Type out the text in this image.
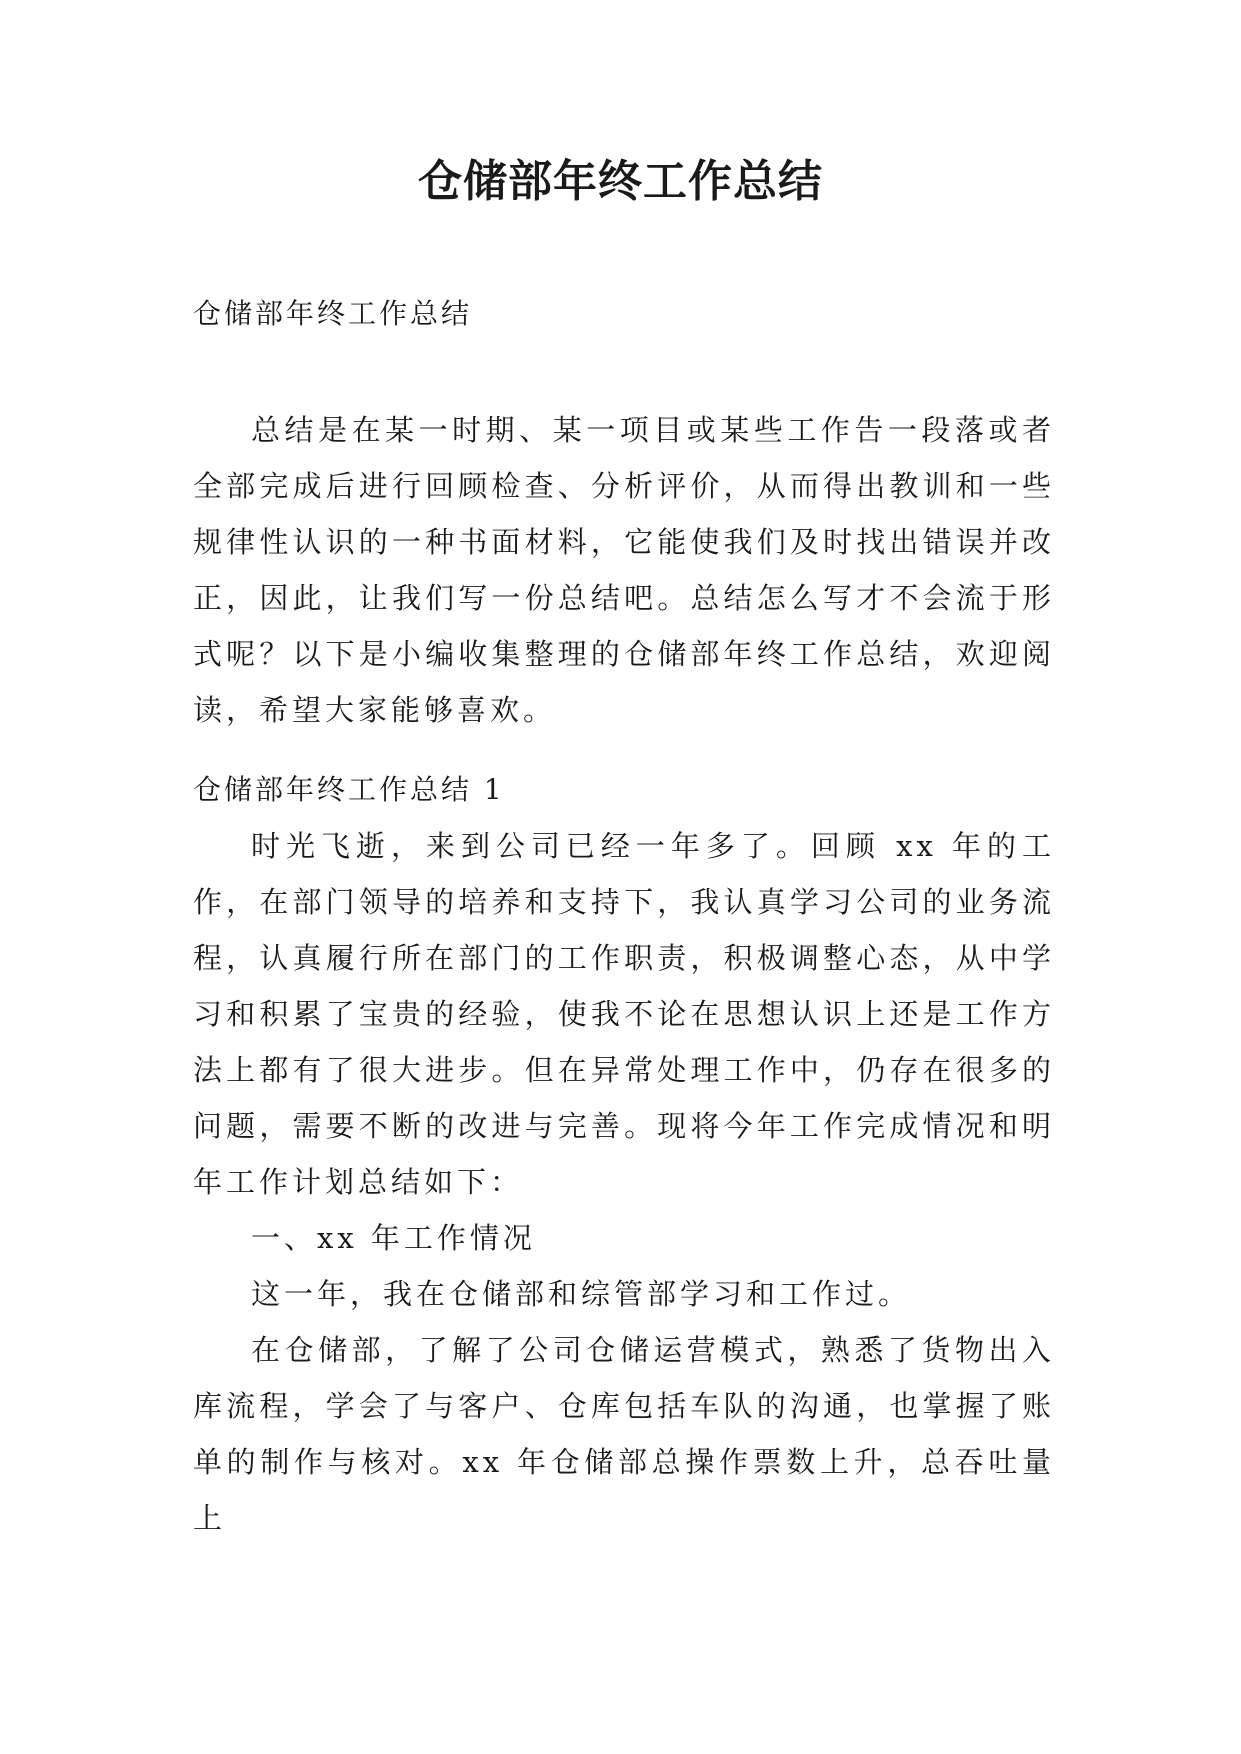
仓储部年终工作总结

仓储部年终工作总结

总结是在某一时期、某一项目或某些工作告一段落或者全部完成后进行回顾检查、分析评价，从而得出教训和一些规律性认识的一种书面材料，它能使我们及时找出错误并改正，因此，让我们写一份总结吧。总结怎么写才不会流于形式呢？以下是小编收集整理的仓储部年终工作总结，欢迎阅读，希望大家能够喜欢。

仓储部年终工作总结 1

时光飞逝，来到公司已经一年多了。回顾 xx 年的工作，在部门领导的培养和支持下，我认真学习公司的业务流程，认真履行所在部门的工作职责，积极调整心态，从中学习和积累了宝贵的经验，使我不论在思想认识上还是工作方法上都有了很大进步。但在异常处理工作中，仍存在很多的问题，需要不断的改进与完善。现将今年工作完成情况和明年工作计划总结如下：

一、xx 年工作情况

这一年，我在仓储部和综管部学习和工作过。

在仓储部，了解了公司仓储运营模式，熟悉了货物出入库流程，学会了与客户、仓库包括车队的沟通，也掌握了账单的制作与核对。xx 年仓储部总操作票数上升，总吞吐量上
